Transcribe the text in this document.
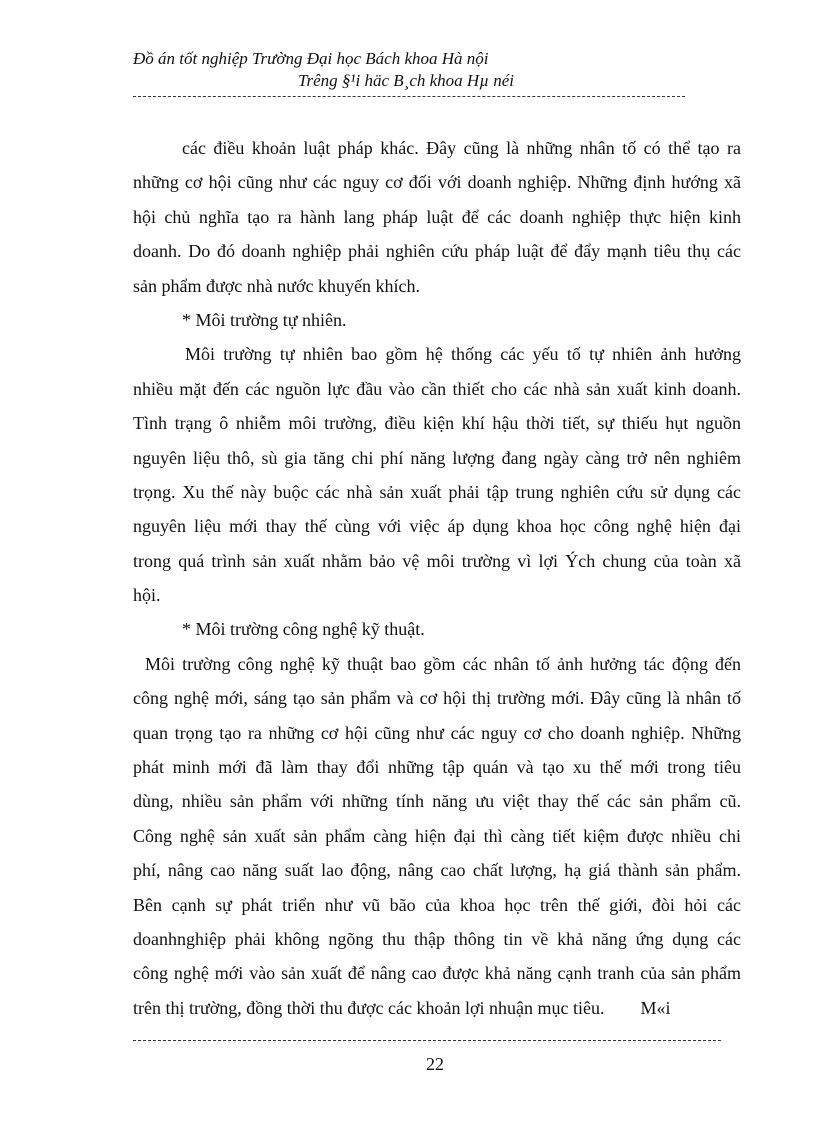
Đồ án tốt nghiệp Trường Đại học Bách khoa Hà nội
Trêng §¹i häc B¸ch khoa Hµ néi
các điều khoản luật pháp khác. Đây cũng là những nhân tố có thể tạo ra
những cơ hội cũng như các nguy cơ đối với doanh nghiệp. Những định hướng xã
hội chủ nghĩa tạo ra hành lang pháp luật để các doanh nghiệp thực hiện kinh
doanh. Do đó doanh nghiệp phải nghiên cứu pháp luật để đẩy mạnh tiêu thụ các
sản phẩm được nhà nước khuyến khích.
* Môi trường tự nhiên.
Môi trường tự nhiên bao gồm hệ thống các yếu tố tự nhiên ảnh hưởng
nhiều mặt đến các nguồn lực đầu vào cần thiết cho các nhà sản xuất kinh doanh.
Tình trạng ô nhiễm môi trường, điều kiện khí hậu thời tiết, sự thiếu hụt nguồn
nguyên liệu thô, sù gia tăng chi phí năng lượng đang ngày càng trở nên nghiêm
trọng. Xu thế này buộc các nhà sản xuất phải tập trung nghiên cứu sử dụng các
nguyên liệu mới thay thế cùng với việc áp dụng khoa học công nghệ hiện đại
trong quá trình sản xuất nhằm bảo vệ môi trường vì lợi Ých chung của toàn xã
hội.
* Môi trường công nghệ kỹ thuật.
Môi trường công nghệ kỹ thuật bao gồm các nhân tố ảnh hưởng tác động đến
công nghệ mới, sáng tạo sản phẩm và cơ hội thị trường mới. Đây cũng là nhân tố
quan trọng tạo ra những cơ hội cũng như các nguy cơ cho doanh nghiệp. Những
phát minh mới đã làm thay đổi những tập quán và tạo xu thế mới trong tiêu
dùng, nhiều sản phẩm với những tính năng ưu việt thay thế các sản phẩm cũ.
Công nghệ sản xuất sản phẩm càng hiện đại thì càng tiết kiệm được nhiều chi
phí, nâng cao năng suất lao động, nâng cao chất lượng, hạ giá thành sản phẩm.
Bên cạnh sự phát triển như vũ bão của khoa học trên thế giới, đòi hỏi các
doanhnghiệp phải không ngõng thu thập thông tin về khả năng ứng dụng các
công nghệ mới vào sản xuất để nâng cao được khả năng cạnh tranh của sản phẩm
trên thị trường, đồng thời thu được các khoản lợi nhuận mục tiêu.        M«i
22
